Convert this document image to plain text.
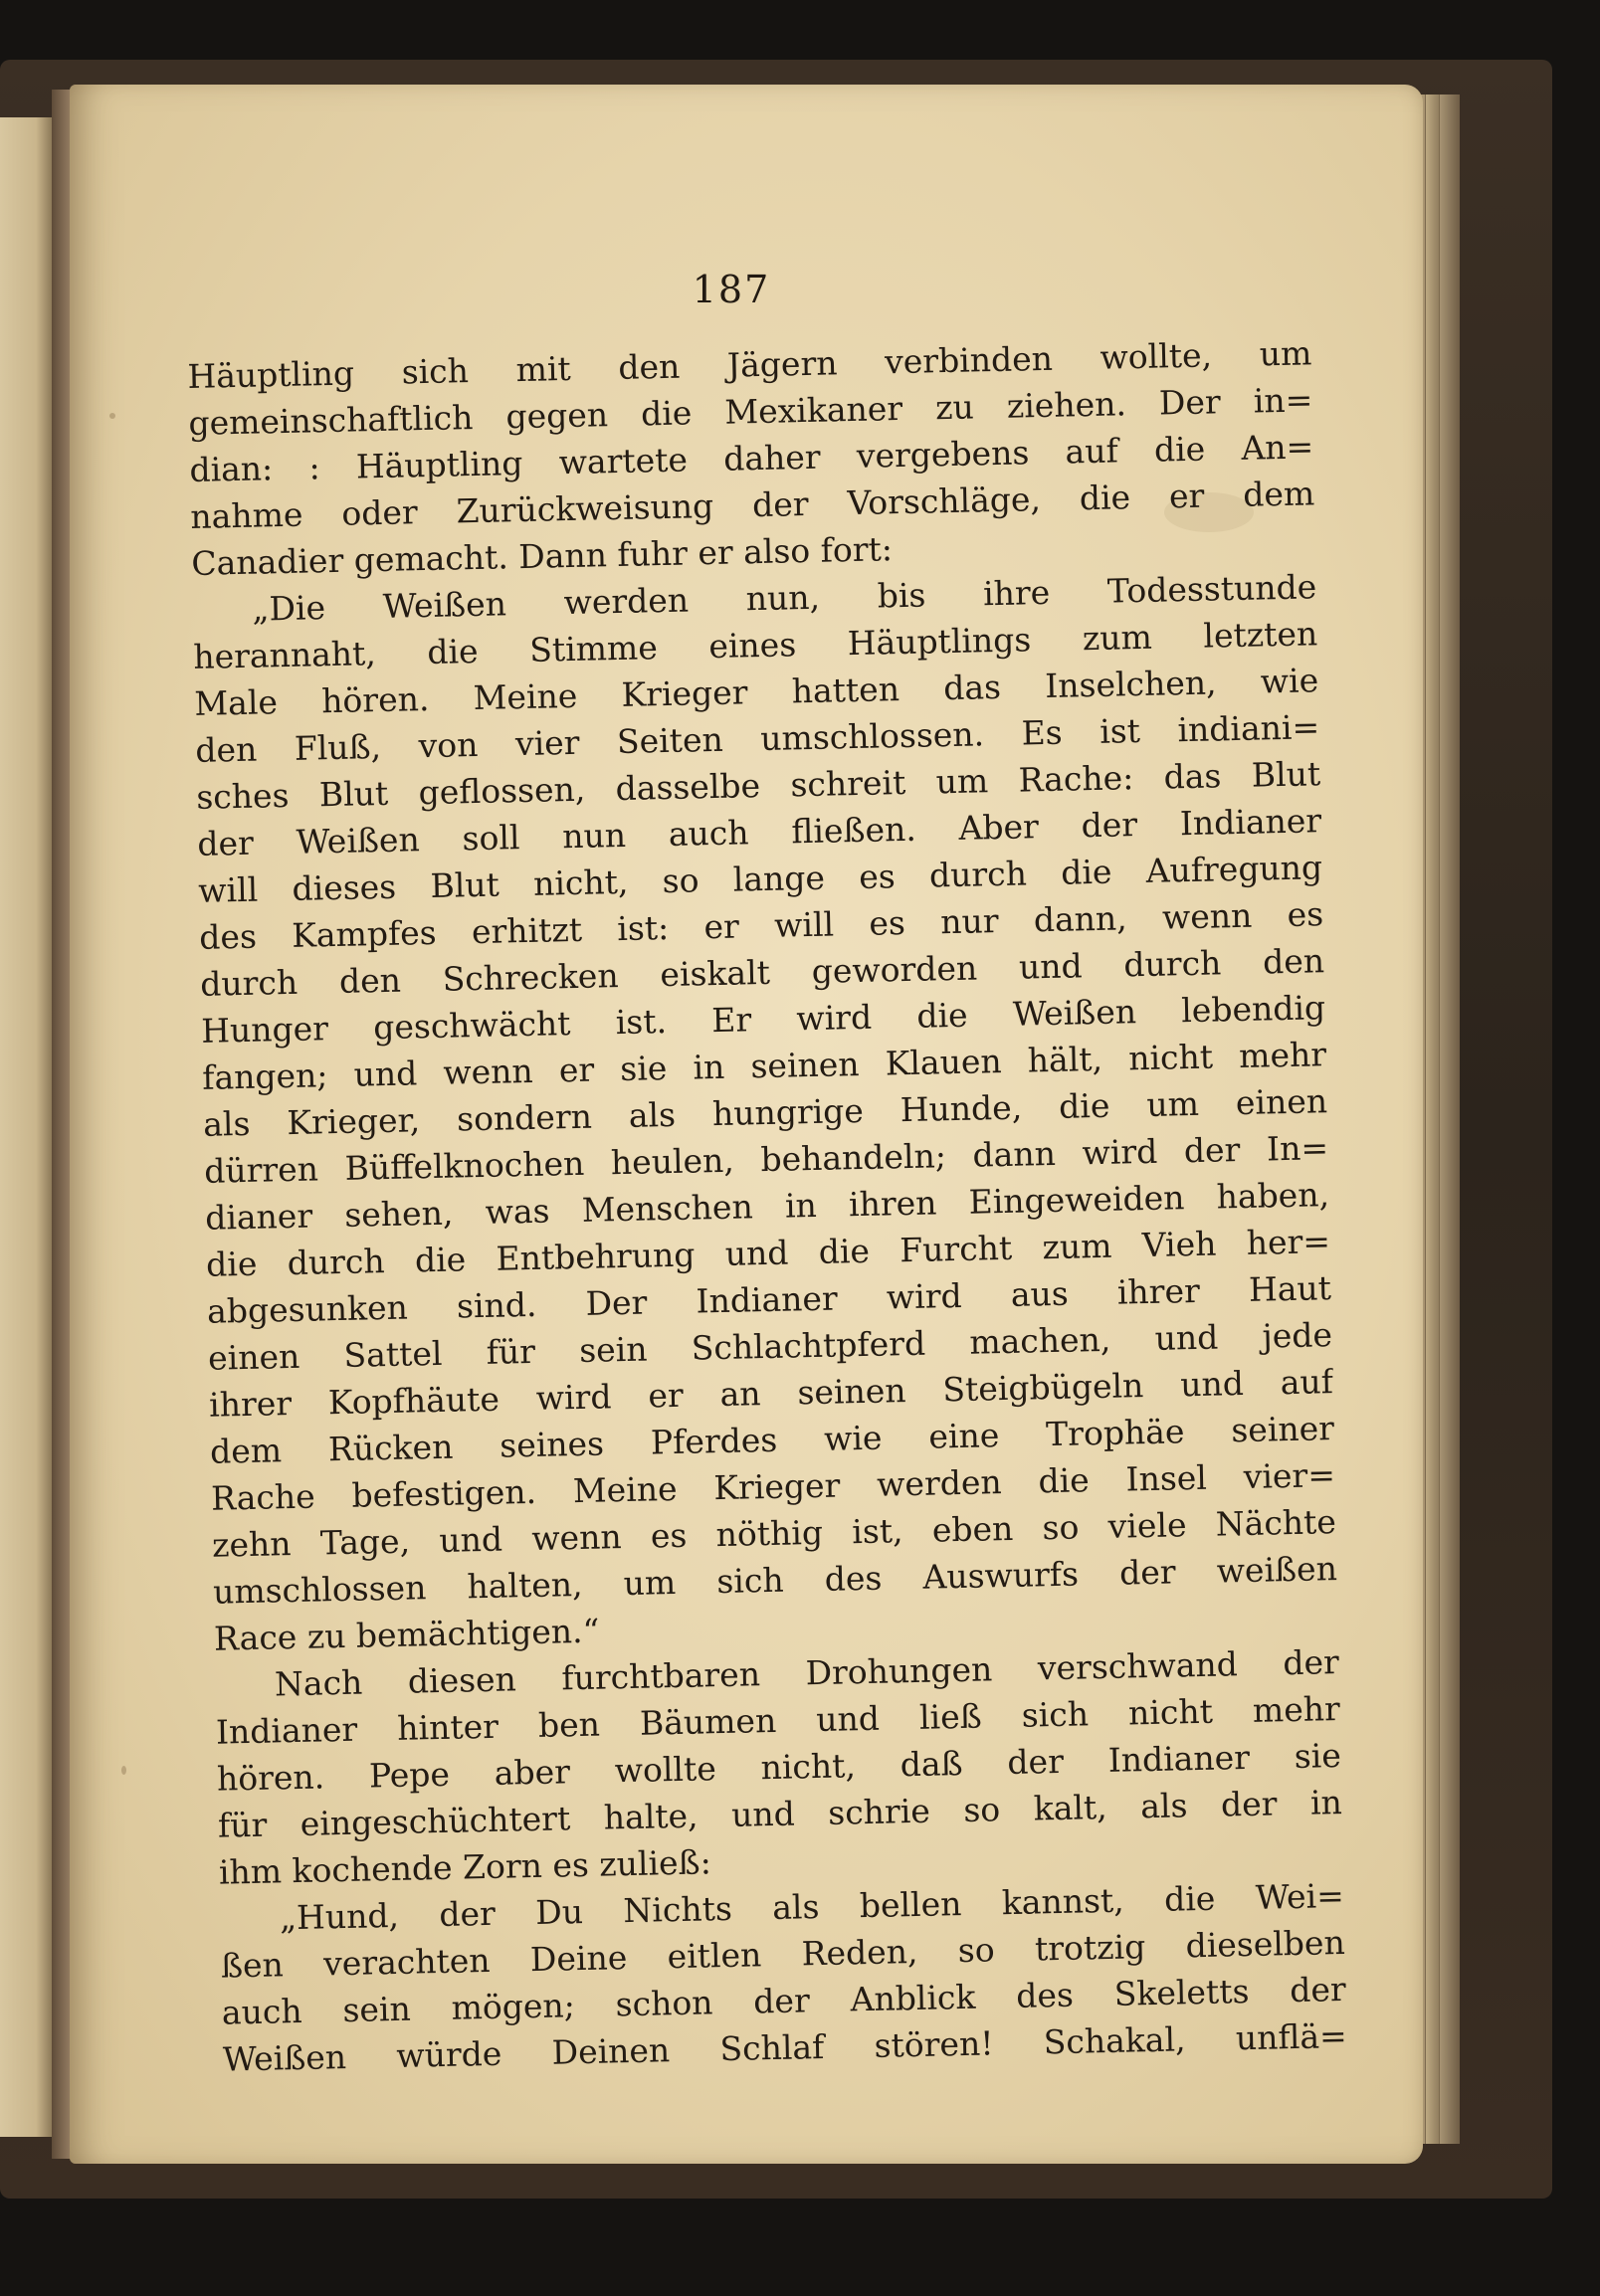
187
Häuptling sich mit den Jägern verbinden wollte, um
gemeinschaftlich gegen die Mexikaner zu ziehen. Der in=
dian: : Häuptling wartete daher vergebens auf die An=
nahme oder Zurückweisung der Vorschläge, die er dem
Canadier gemacht. Dann fuhr er also fort:
„Die Weißen werden nun, bis ihre Todesstunde
herannaht, die Stimme eines Häuptlings zum letzten
Male hören. Meine Krieger hatten das Inselchen, wie
den Fluß, von vier Seiten umschlossen. Es ist indiani=
sches Blut geflossen, dasselbe schreit um Rache: das Blut
der Weißen soll nun auch fließen. Aber der Indianer
will dieses Blut nicht, so lange es durch die Aufregung
des Kampfes erhitzt ist: er will es nur dann, wenn es
durch den Schrecken eiskalt geworden und durch den
Hunger geschwächt ist. Er wird die Weißen lebendig
fangen; und wenn er sie in seinen Klauen hält, nicht mehr
als Krieger, sondern als hungrige Hunde, die um einen
dürren Büffelknochen heulen, behandeln; dann wird der In=
dianer sehen, was Menschen in ihren Eingeweiden haben,
die durch die Entbehrung und die Furcht zum Vieh her=
abgesunken sind. Der Indianer wird aus ihrer Haut
einen Sattel für sein Schlachtpferd machen, und jede
ihrer Kopfhäute wird er an seinen Steigbügeln und auf
dem Rücken seines Pferdes wie eine Trophäe seiner
Rache befestigen. Meine Krieger werden die Insel vier=
zehn Tage, und wenn es nöthig ist, eben so viele Nächte
umschlossen halten, um sich des Auswurfs der weißen
Race zu bemächtigen.“
Nach diesen furchtbaren Drohungen verschwand der
Indianer hinter ben Bäumen und ließ sich nicht mehr
hören. Pepe aber wollte nicht, daß der Indianer sie
für eingeschüchtert halte, und schrie so kalt, als der in
ihm kochende Zorn es zuließ:
„Hund, der Du Nichts als bellen kannst, die Wei=
ßen verachten Deine eitlen Reden, so trotzig dieselben
auch sein mögen; schon der Anblick des Skeletts der
Weißen würde Deinen Schlaf stören! Schakal, unflä=
